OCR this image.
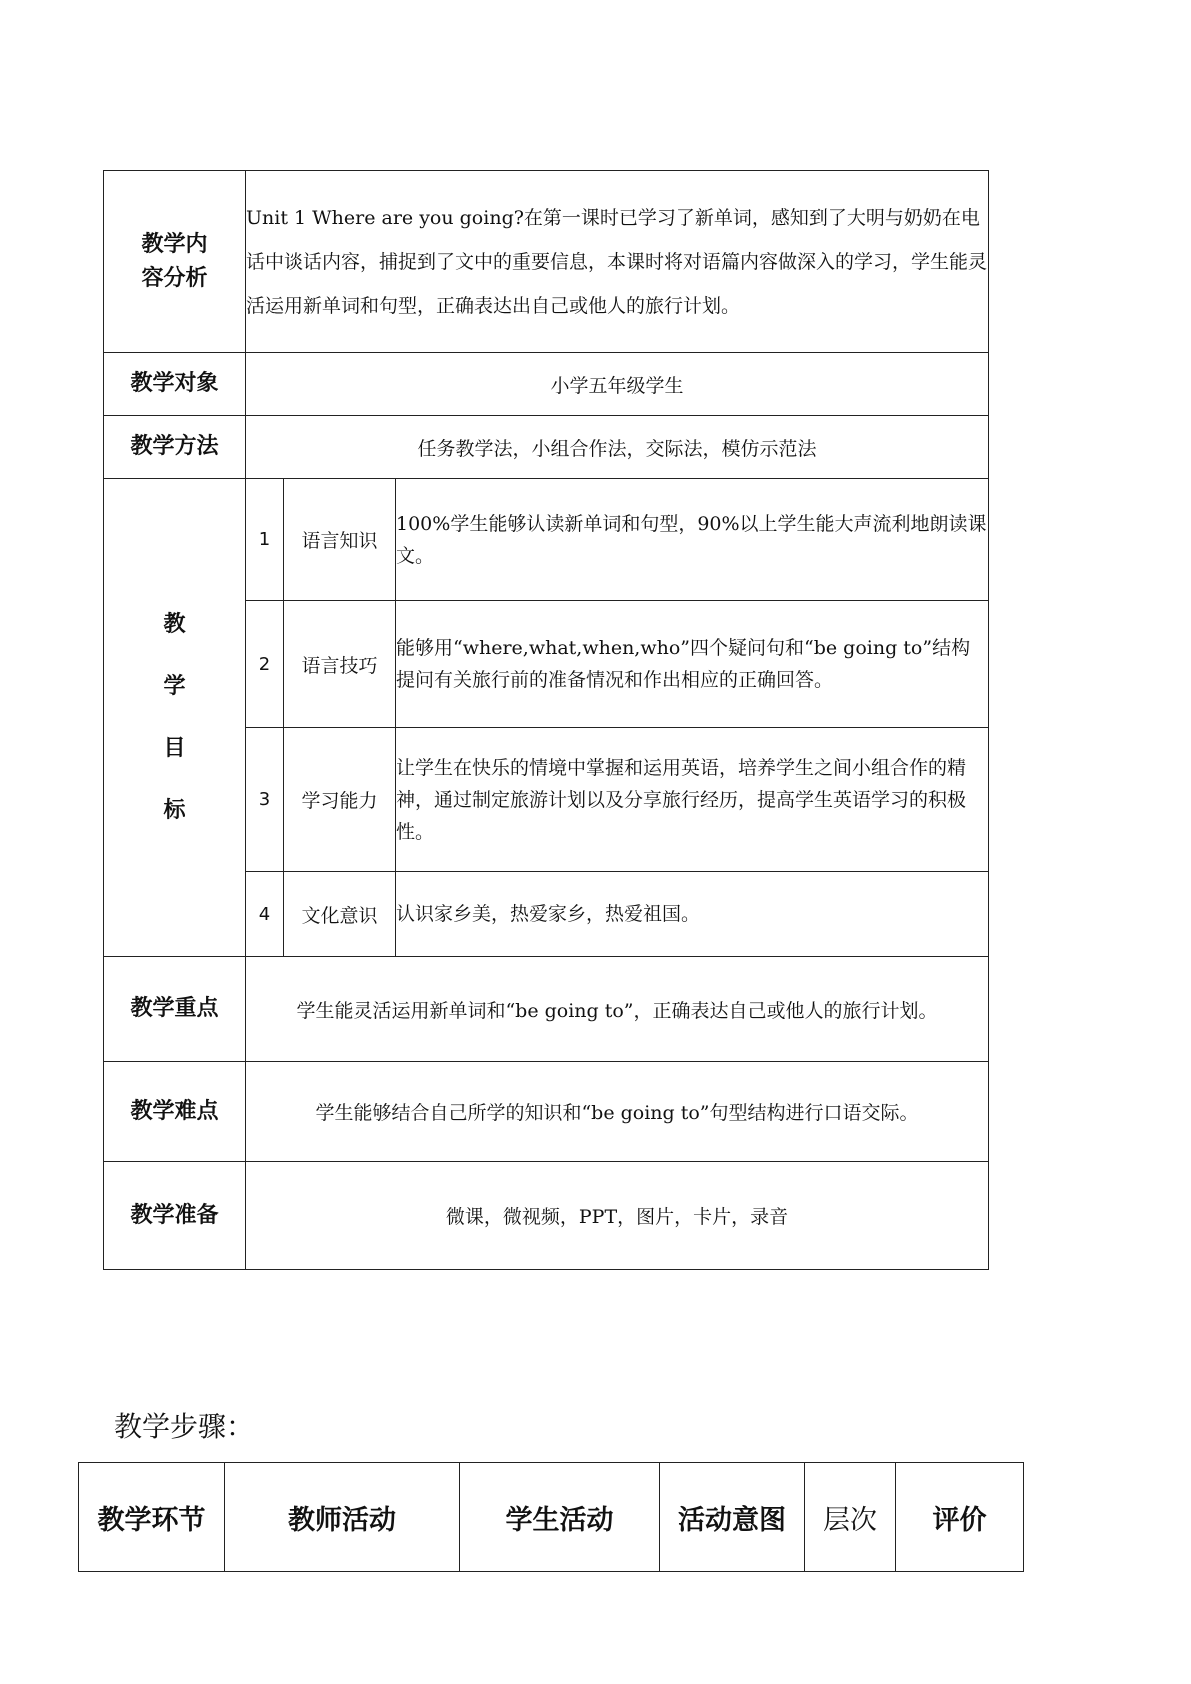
教学内
容分析	Unit 1 Where are you going?在第一课时已学习了新单词，感知到了大明与奶奶在电话中谈话内容，捕捉到了文中的重要信息，本课时将对语篇内容做深入的学习，学生能灵活运用新单词和句型，正确表达出自己或他人的旅行计划。		
教学对象	小学五年级学生		
教学方法	任务教学法，小组合作法，交际法，模仿示范法		

教
学
目
标	1	语言知识	100%学生能够认读新单词和句型，90%以上学生能大声流利地朗读课文。
	2	语言技巧	能够用“where,what,when,who”四个疑问句和“be going to”结构提问有关旅行前的准备情况和作出相应的正确回答。
	3	学习能力	让学生在快乐的情境中掌握和运用英语，培养学生之间小组合作的精神，通过制定旅游计划以及分享旅行经历，提高学生英语学习的积极性。
	4	文化意识	认识家乡美，热爱家乡，热爱祖国。
教学重点	学生能灵活运用新单词和“be going to”，正确表达自己或他人的旅行计划。		
教学难点	学生能够结合自己所学的知识和“be going to”句型结构进行口语交际。		
教学准备	微课，微视频，PPT，图片，卡片，录音		
教学步骤：
教学环节	教师活动	学生活动	活动意图	层次	评价
